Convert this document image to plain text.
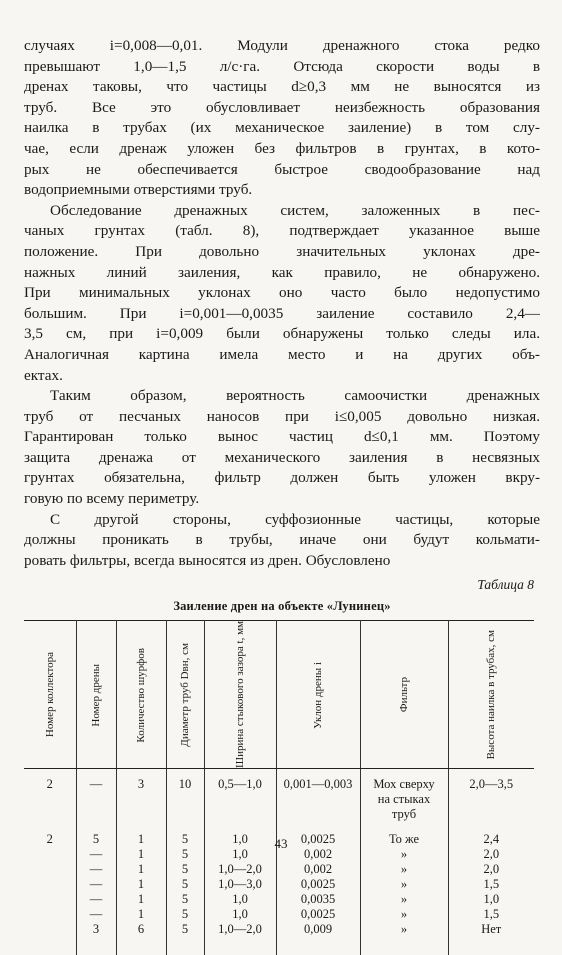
случаях i=0,008—0,01. Модули дренажного стока редко

превышают 1,0—1,5 л/с·га. Отсюда скорости воды в

дренах таковы, что частицы d≥0,3 мм не выносятся из

труб. Все это обусловливает неизбежность образования

наилка в трубах (их механическое заиление) в том слу-

чае, если дренаж уложен без фильтров в грунтах, в кото-

рых не обеспечивается быстрое сводообразование над

водоприемными отверстиями труб.

Обследование дренажных систем, заложенных в пес-

чаных грунтах (табл. 8), подтверждает указанное выше

положение. При довольно значительных уклонах дре-

нажных линий заиления, как правило, не обнаружено.

При минимальных уклонах оно часто было недопустимо

большим. При i=0,001—0,0035 заиление составило 2,4—

3,5 см, при i=0,009 были обнаружены только следы ила.

Аналогичная картина имела место и на других объ-

ектах.

Таким образом, вероятность самоочистки дренажных

труб от песчаных наносов при i≤0,005 довольно низкая.

Гарантирован только вынос частиц d≤0,1 мм. Поэтому

защита дренажа от механического заиления в несвязных

грунтах обязательна, фильтр должен быть уложен вкру-

говую по всему периметру.

С другой стороны, суффозионные частицы, которые

должны проникать в трубы, иначе они будут кольмати-

ровать фильтры, всегда выносятся из дрен. Обусловлено

Таблица 8
Заиление дрен на объекте «Лунинец»
Номер коллектора	Номер дрены	Количество шурфов	Диаметр труб Dвн, см	Ширина стыкового зазора t, мм	Уклон дрены i	Фильтр	Высота наилка в трубах, см

2	—	3	10	0,5—1,0	0,001—0,003	Мох сверху
на стыках
труб	2,0—3,5

2	5	1	5	1,0	0,0025	То же	2,4
	—	1	5	1,0	0,002	»	2,0
	—	1	5	1,0—2,0	0,002	»	2,0
	—	1	5	1,0—3,0	0,0025	»	1,5
	—	1	5	1,0	0,0035	»	1,0
	—	1	5	1,0	0,0025	»	1,5
	3	6	5	1,0—2,0	0,009	»	Нет

43
